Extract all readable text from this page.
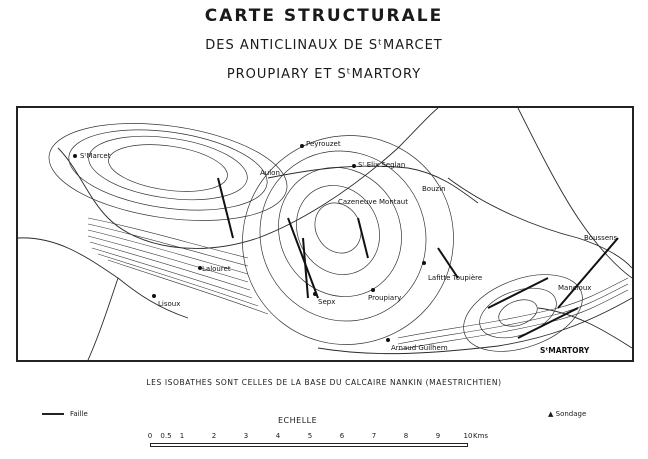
CARTE STRUCTURALE
DES ANTICLINAUX DE SᵗMARCET
PROUPIARY ET SᵗMARTORY
SᵗMarcet
Peyrouzet
Sᵗ Elix Seglan
Aulon
Bouzin
Cazeneuve Montaut
Boussens
Lalouret
Lisoux	Sepx	Proupiary
Lafitte Toupière
Mancioux
Arnaud Guilhem	SᵗMARTORY
LES ISOBATHES SONT CELLES DE LA BASE DU CALCAIRE NANKIN (MAESTRICHTIEN)
Faille	▲ Sondage
ECHELLE
0 0.5 1	2	3	4	5	6	7	8	9	10 Kms
